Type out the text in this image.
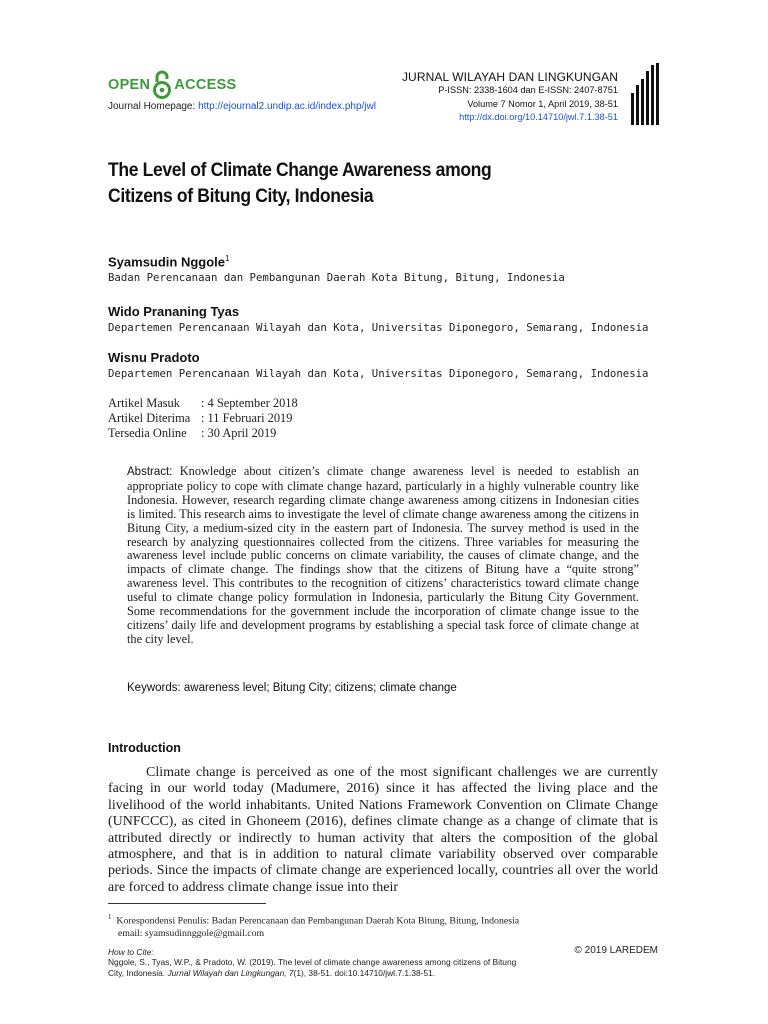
OPEN ACCESS
Journal Homepage: http://ejournal2.undip.ac.id/index.php/jwl
JURNAL WILAYAH DAN LINGKUNGAN
P-ISSN: 2338-1604 dan E-ISSN: 2407-8751
Volume 7 Nomor 1, April 2019, 38-51
http://dx.doi.org/10.14710/jwl.7.1.38-51
The Level of Climate Change Awareness among
Citizens of Bitung City, Indonesia
Syamsudin Nggole$^1$
Badan Perencanaan dan Pembangunan Daerah Kota Bitung, Bitung, Indonesia
Wido Prananing Tyas
Departemen Perencanaan Wilayah dan Kota, Universitas Diponegoro, Semarang, Indonesia
Wisnu Pradoto
Departemen Perencanaan Wilayah dan Kota, Universitas Diponegoro, Semarang, Indonesia
Artikel Masuk	: 4 September 2018
Artikel Diterima	: 11 Februari 2019
Tersedia Online	: 30 April 2019
Abstract: Knowledge about citizen’s climate change awareness level is needed to establish an appropriate policy to cope with climate change hazard, particularly in a highly vulnerable country like Indonesia. However, research regarding climate change awareness among citizens in Indonesian cities is limited. This research aims to investigate the level of climate change awareness among the citizens in Bitung City, a medium-sized city in the eastern part of Indonesia. The survey method is used in the research by analyzing questionnaires collected from the citizens. Three variables for measuring the awareness level include public concerns on climate variability, the causes of climate change, and the impacts of climate change. The findings show that the citizens of Bitung have a “quite strong” awareness level. This contributes to the recognition of citizens’ characteristics toward climate change useful to climate change policy formulation in Indonesia, particularly the Bitung City Government. Some recommendations for the government include the incorporation of climate change issue to the citizens’ daily life and development programs by establishing a special task force of climate change at the city level.
Keywords: awareness level; Bitung City; citizens; climate change
Introduction
Climate change is perceived as one of the most significant challenges we are currently facing in our world today (Madumere, 2016) since it has affected the living place and the livelihood of the world inhabitants. United Nations Framework Convention on Climate Change (UNFCCC), as cited in Ghoneem (2016), defines climate change as a change of climate that is attributed directly or indirectly to human activity that alters the composition of the global atmosphere, and that is in addition to natural climate variability observed over comparable periods. Since the impacts of climate change are experienced locally, countries all over the world are forced to address climate change issue into their
$^1$ Korespondensi Penulis: Badan Perencanaan dan Pembangunan Daerah Kota Bitung, Bitung, Indonesia
email: syamsudinnggole@gmail.com
How to Cite:
Nggole, S., Tyas, W.P., & Pradoto, W. (2019). The level of climate change awareness among citizens of Bitung
City, Indonesia. Jurnal Wilayah dan Lingkungan, 7(1), 38-51. doi:10.14710/jwl.7.1.38-51.
© 2019 LAREDEM
